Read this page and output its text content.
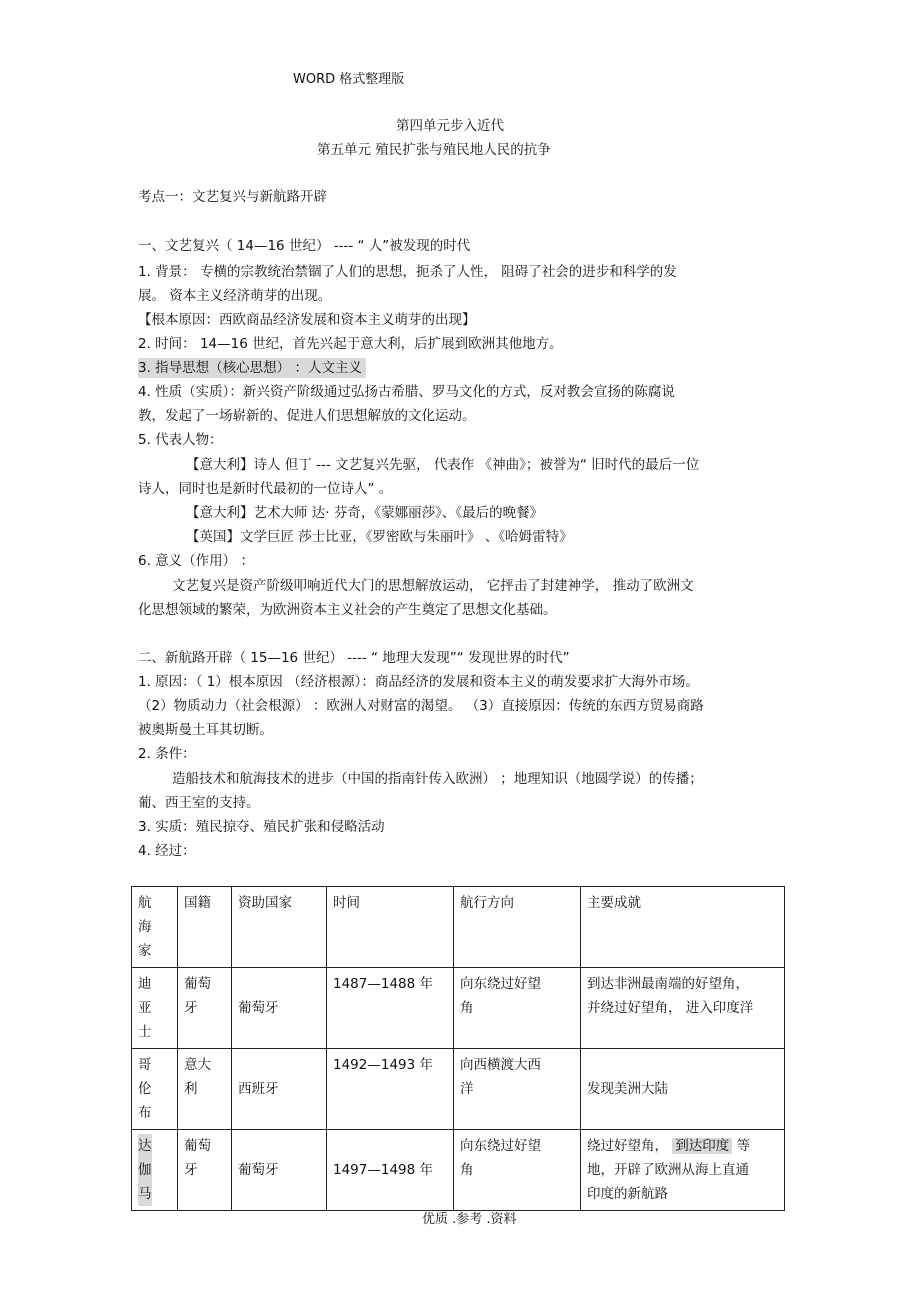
WORD 格式整理版
第四单元步入近代
第五单元 殖民扩张与殖民地人民的抗争
考点一：文艺复兴与新航路开辟
一、文艺复兴（ 14—16 世纪） ---- “ 人”被发现的时代
1. 背景： 专横的宗教统治禁锢了人们的思想，扼杀了人性， 阻碍了社会的进步和科学的发
展。 资本主义经济萌芽的出现。
【根本原因：西欧商品经济发展和资本主义萌芽的出现】
2. 时间： 14—16 世纪，首先兴起于意大利，后扩展到欧洲其他地方。
3. 指导思想（核心思想） ：人文主义
4. 性质（实质）：新兴资产阶级通过弘扬古希腊、罗马文化的方式，反对教会宣扬的陈腐说
教，发起了一场崭新的、促进人们思想解放的文化运动。
5. 代表人物：
【意大利】诗人 但丁 --- 文艺复兴先驱， 代表作 《神曲》；被誉为“ 旧时代的最后一位
诗人，同时也是新时代最初的一位诗人” 。
【意大利】艺术大师 达· 芬奇，《蒙娜丽莎》、《最后的晚餐》
【英国】文学巨匠 莎士比亚，《罗密欧与朱丽叶》 、《哈姆雷特》
6. 意义（作用） ：
文艺复兴是资产阶级叩响近代大门的思想解放运动， 它抨击了封建神学， 推动了欧洲文
化思想领域的繁荣，为欧洲资本主义社会的产生奠定了思想文化基础。
二、新航路开辟（ 15—16 世纪） ---- “ 地理大发现”“ 发现世界的时代”
1. 原因：（ 1）根本原因 （经济根源）：商品经济的发展和资本主义的萌发要求扩大海外市场。
（2）物质动力（社会根源） ：欧洲人对财富的渴望。 （3）直接原因：传统的东西方贸易商路
被奥斯曼土耳其切断。
2. 条件：
造船技术和航海技术的进步（中国的指南针传入欧洲） ；地理知识（地圆学说）的传播；
葡、西王室的支持。
3. 实质：殖民掠夺、殖民扩张和侵略活动
4. 经过：
航
海
家	国籍	资助国家	时间	航行方向	主要成就

迪
亚
士	葡萄
牙	葡萄牙	1487—1488 年	向东绕过好望
角	到达非洲最南端的好望角，
并绕过好望角， 进入印度洋

哥
伦
布	意大
利	西班牙	1492—1493 年	向西横渡大西
洋	发现美洲大陆

达
伽
马	葡萄
牙	葡萄牙	1497—1498 年	向东绕过好望
角	绕过好望角， 到达印度 等
地，开辟了欧洲从海上直通
印度的新航路
优质 .参考 .资料
